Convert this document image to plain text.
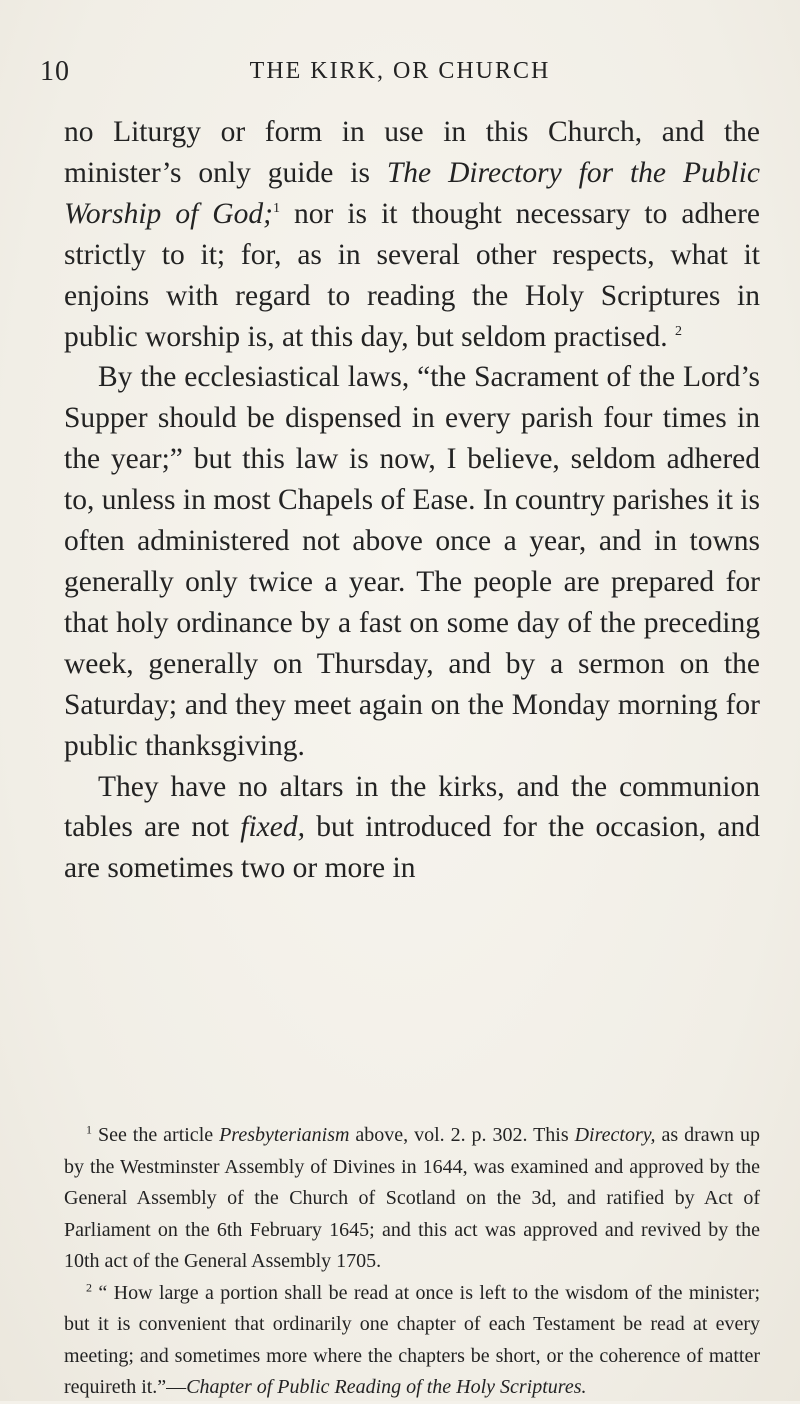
10	THE KIRK, OR CHURCH

no Liturgy or form in use in this Church, and the minister’s only guide is The Directory for the Public Worship of God;$^1$ nor is it thought necessary to adhere strictly to it; for, as in several other respects, what it enjoins with regard to reading the Holy Scriptures in public worship is, at this day, but seldom practised. $^2$

By the ecclesiastical laws, “the Sacrament of the Lord’s Supper should be dispensed in every parish four times in the year;” but this law is now, I believe, seldom adhered to, unless in most Chapels of Ease. In country parishes it is often administered not above once a year, and in towns generally only twice a year. The people are prepared for that holy ordinance by a fast on some day of the preceding week, generally on Thursday, and by a sermon on the Saturday; and they meet again on the Monday morning for public thanksgiving.

They have no altars in the kirks, and the communion tables are not fixed, but introduced for the occasion, and are sometimes two or more in

$^1$ See the article Presbyterianism above, vol. 2. p. 302. This Directory, as drawn up by the Westminster Assembly of Divines in 1644, was examined and approved by the General Assembly of the Church of Scotland on the 3d, and ratified by Act of Parliament on the 6th February 1645; and this act was approved and revived by the 10th act of the General Assembly 1705.

$^2$ “ How large a portion shall be read at once is left to the wisdom of the minister; but it is convenient that ordinarily one chapter of each Testament be read at every meeting; and sometimes more where the chapters be short, or the coherence of matter requireth it.”—Chapter of Public Reading of the Holy Scriptures.
